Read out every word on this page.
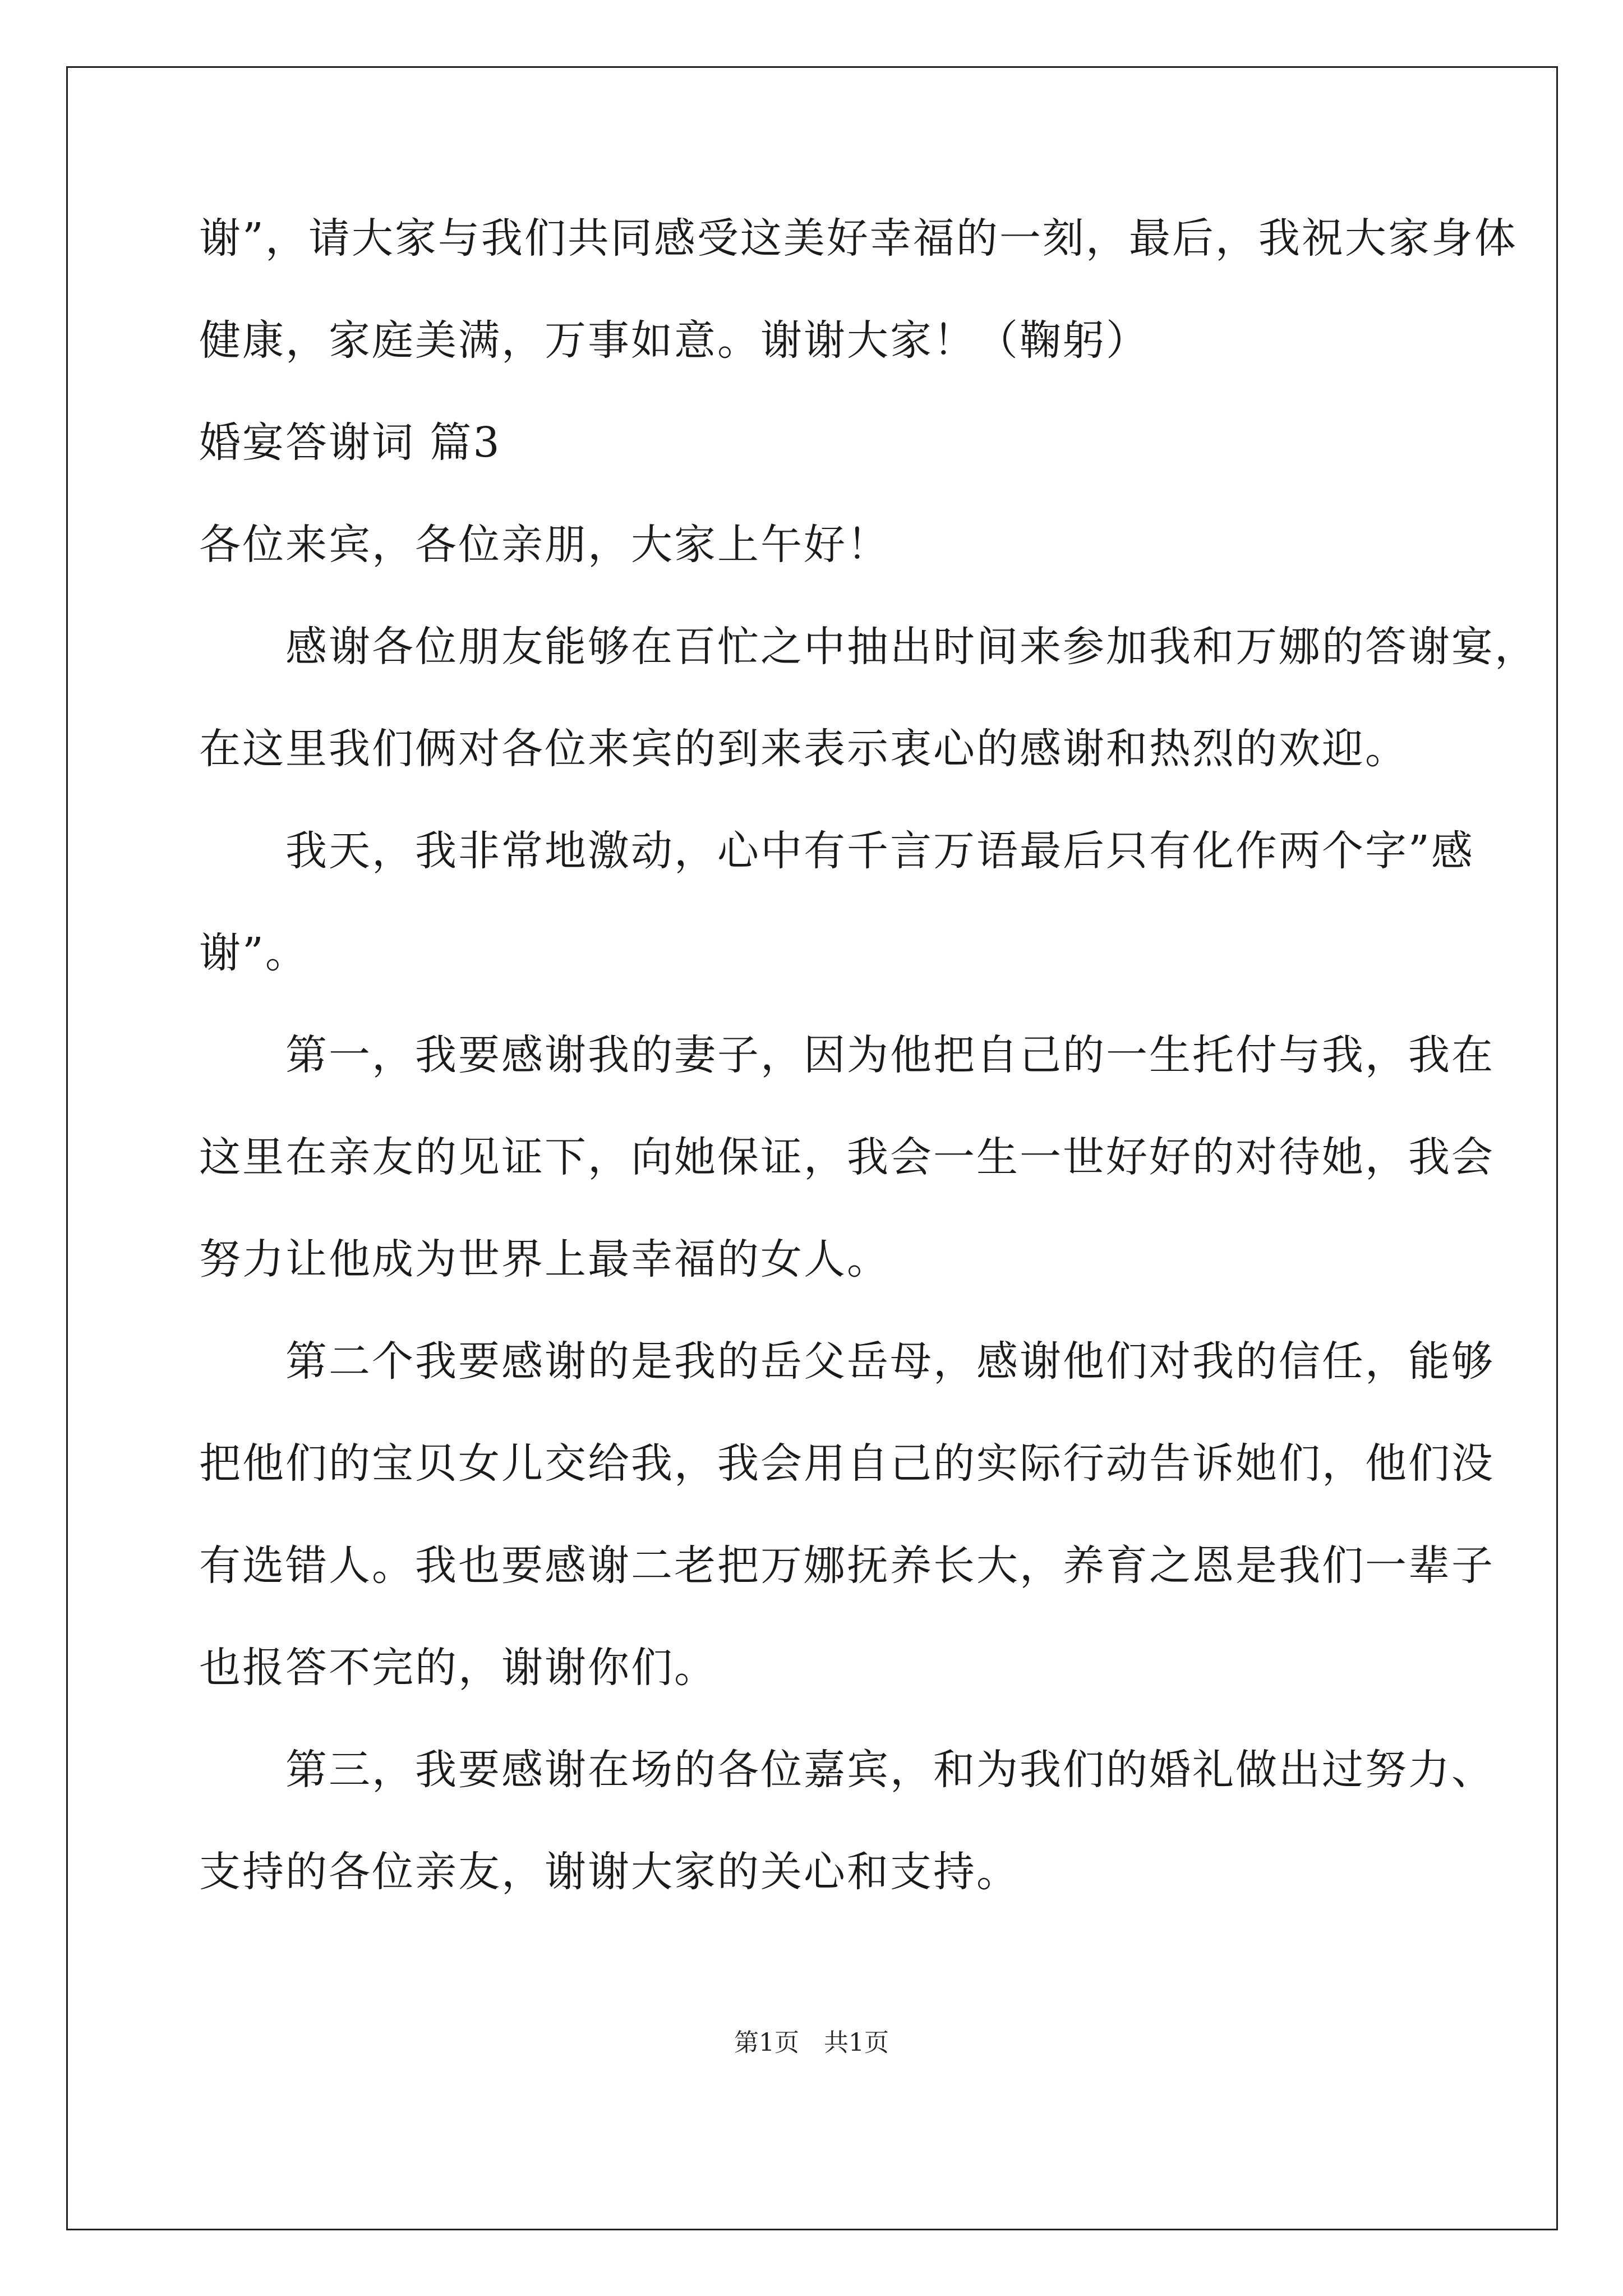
谢”，请大家与我们共同感受这美好幸福的一刻，最后，我祝大家身体
健康，家庭美满，万事如意。谢谢大家！（鞠躬）
婚宴答谢词 篇3
各位来宾，各位亲朋，大家上午好！
　　感谢各位朋友能够在百忙之中抽出时间来参加我和万娜的答谢宴，
在这里我们俩对各位来宾的到来表示衷心的感谢和热烈的欢迎。
　　我天，我非常地激动，心中有千言万语最后只有化作两个字”感
谢”。
　　第一，我要感谢我的妻子，因为他把自己的一生托付与我，我在
这里在亲友的见证下，向她保证，我会一生一世好好的对待她，我会
努力让他成为世界上最幸福的女人。
　　第二个我要感谢的是我的岳父岳母，感谢他们对我的信任，能够
把他们的宝贝女儿交给我，我会用自己的实际行动告诉她们，他们没
有选错人。我也要感谢二老把万娜抚养长大，养育之恩是我们一辈子
也报答不完的，谢谢你们。
　　第三，我要感谢在场的各位嘉宾，和为我们的婚礼做出过努力、
支持的各位亲友，谢谢大家的关心和支持。
第1页　共1页
